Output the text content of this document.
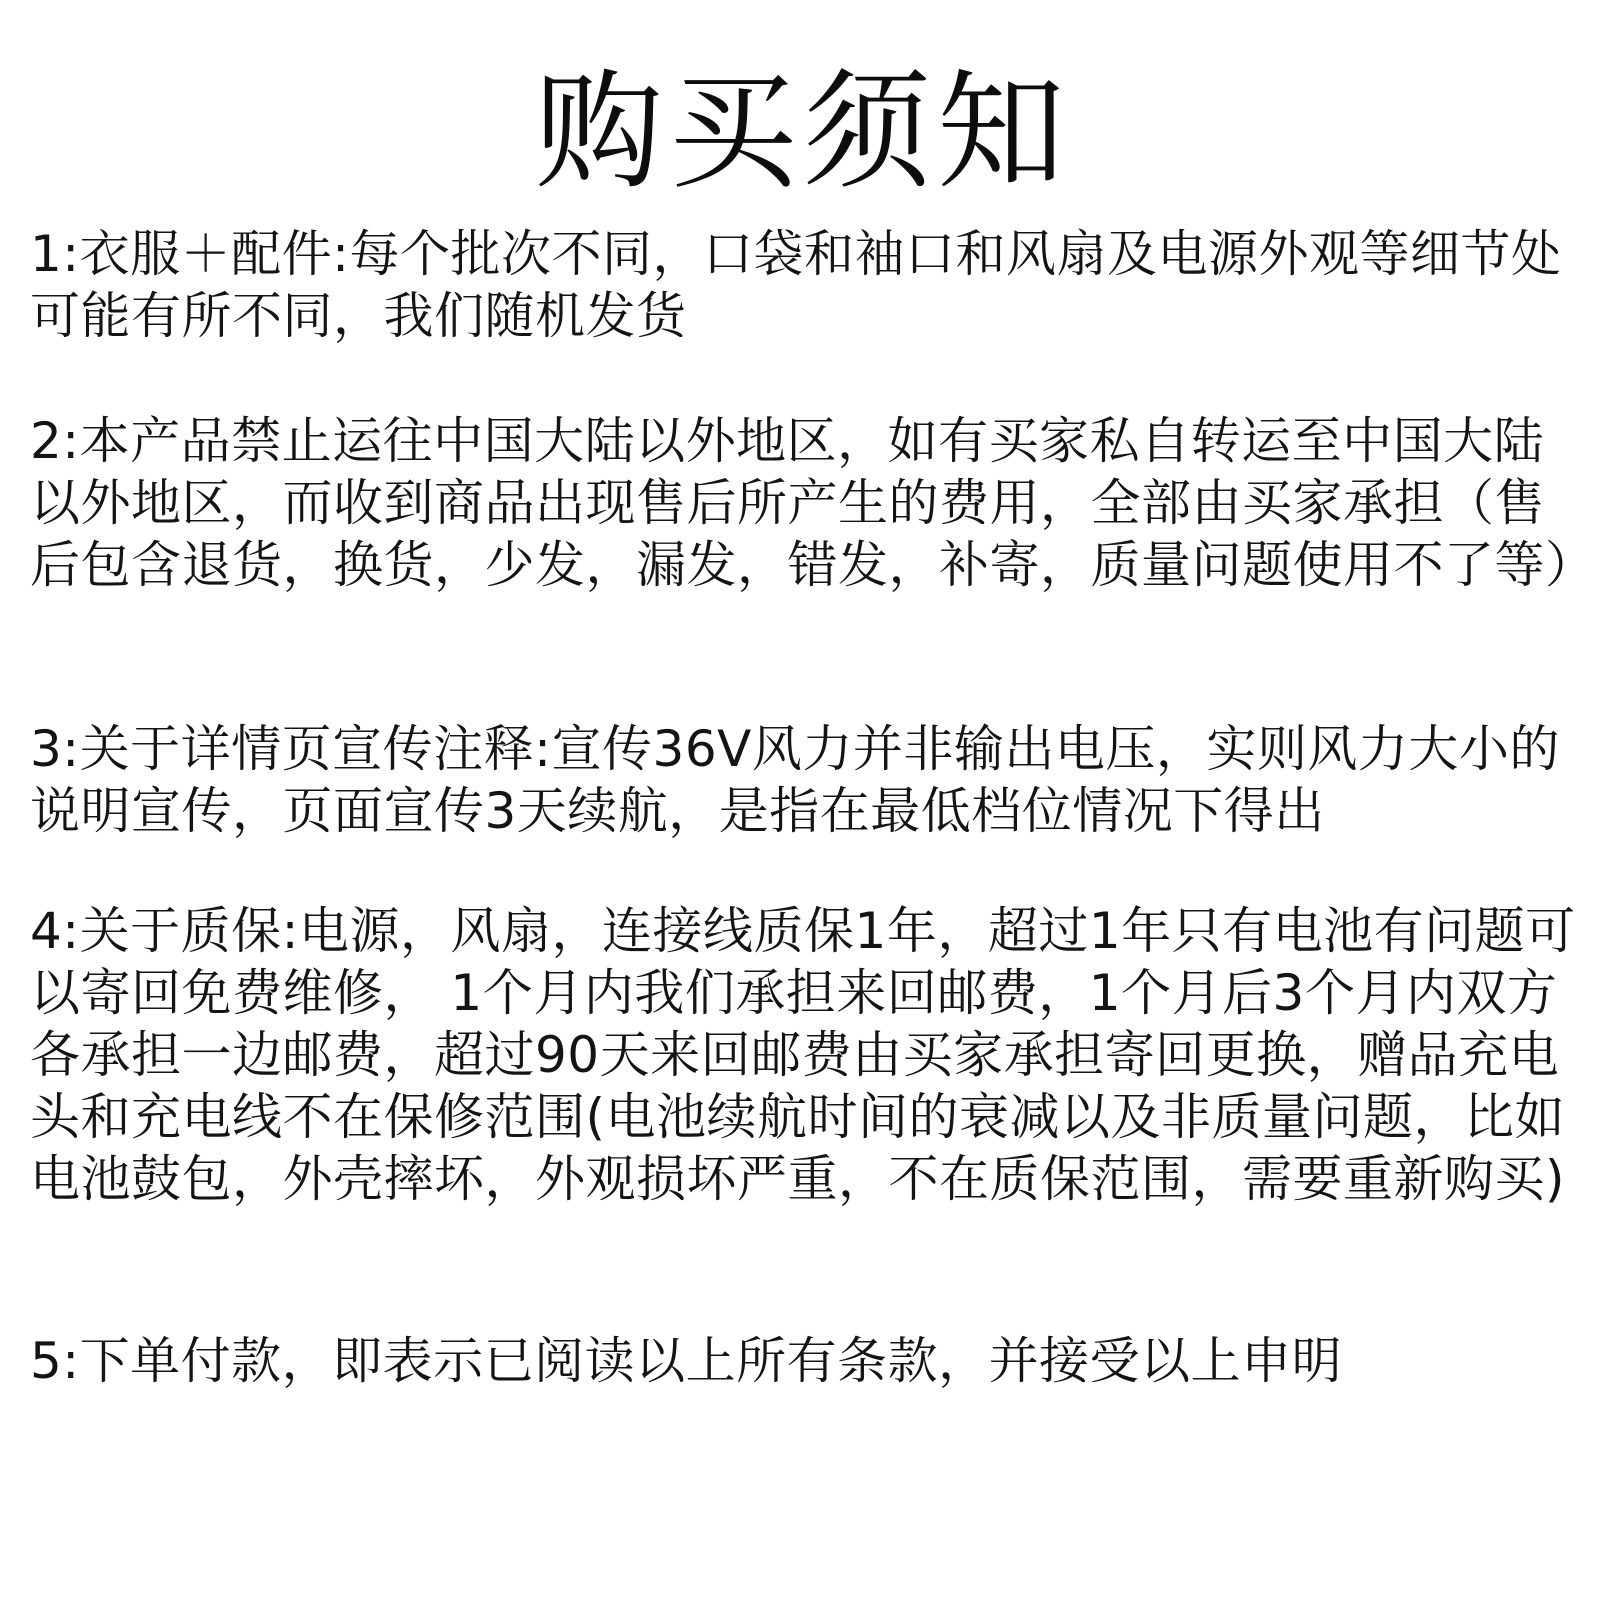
购买须知

1:衣服＋配件:每个批次不同，口袋和袖口和风扇及电源外观等细节处可能有所不同，我们随机发货

2:本产品禁止运往中国大陆以外地区，如有买家私自转运至中国大陆以外地区，而收到商品出现售后所产生的费用，全部由买家承担（售后包含退货，换货，少发，漏发，错发，补寄，质量问题使用不了等）

3:关于详情页宣传注释:宣传36V风力并非输出电压，实则风力大小的说明宣传，页面宣传3天续航，是指在最低档位情况下得出

4:关于质保:电源，风扇，连接线质保1年，超过1年只有电池有问题可以寄回免费维修， 1个月内我们承担来回邮费，1个月后3个月内双方各承担一边邮费，超过90天来回邮费由买家承担寄回更换，赠品充电头和充电线不在保修范围(电池续航时间的衰减以及非质量问题，比如电池鼓包，外壳摔坏，外观损坏严重，不在质保范围，需要重新购买)

5:下单付款，即表示已阅读以上所有条款，并接受以上申明
